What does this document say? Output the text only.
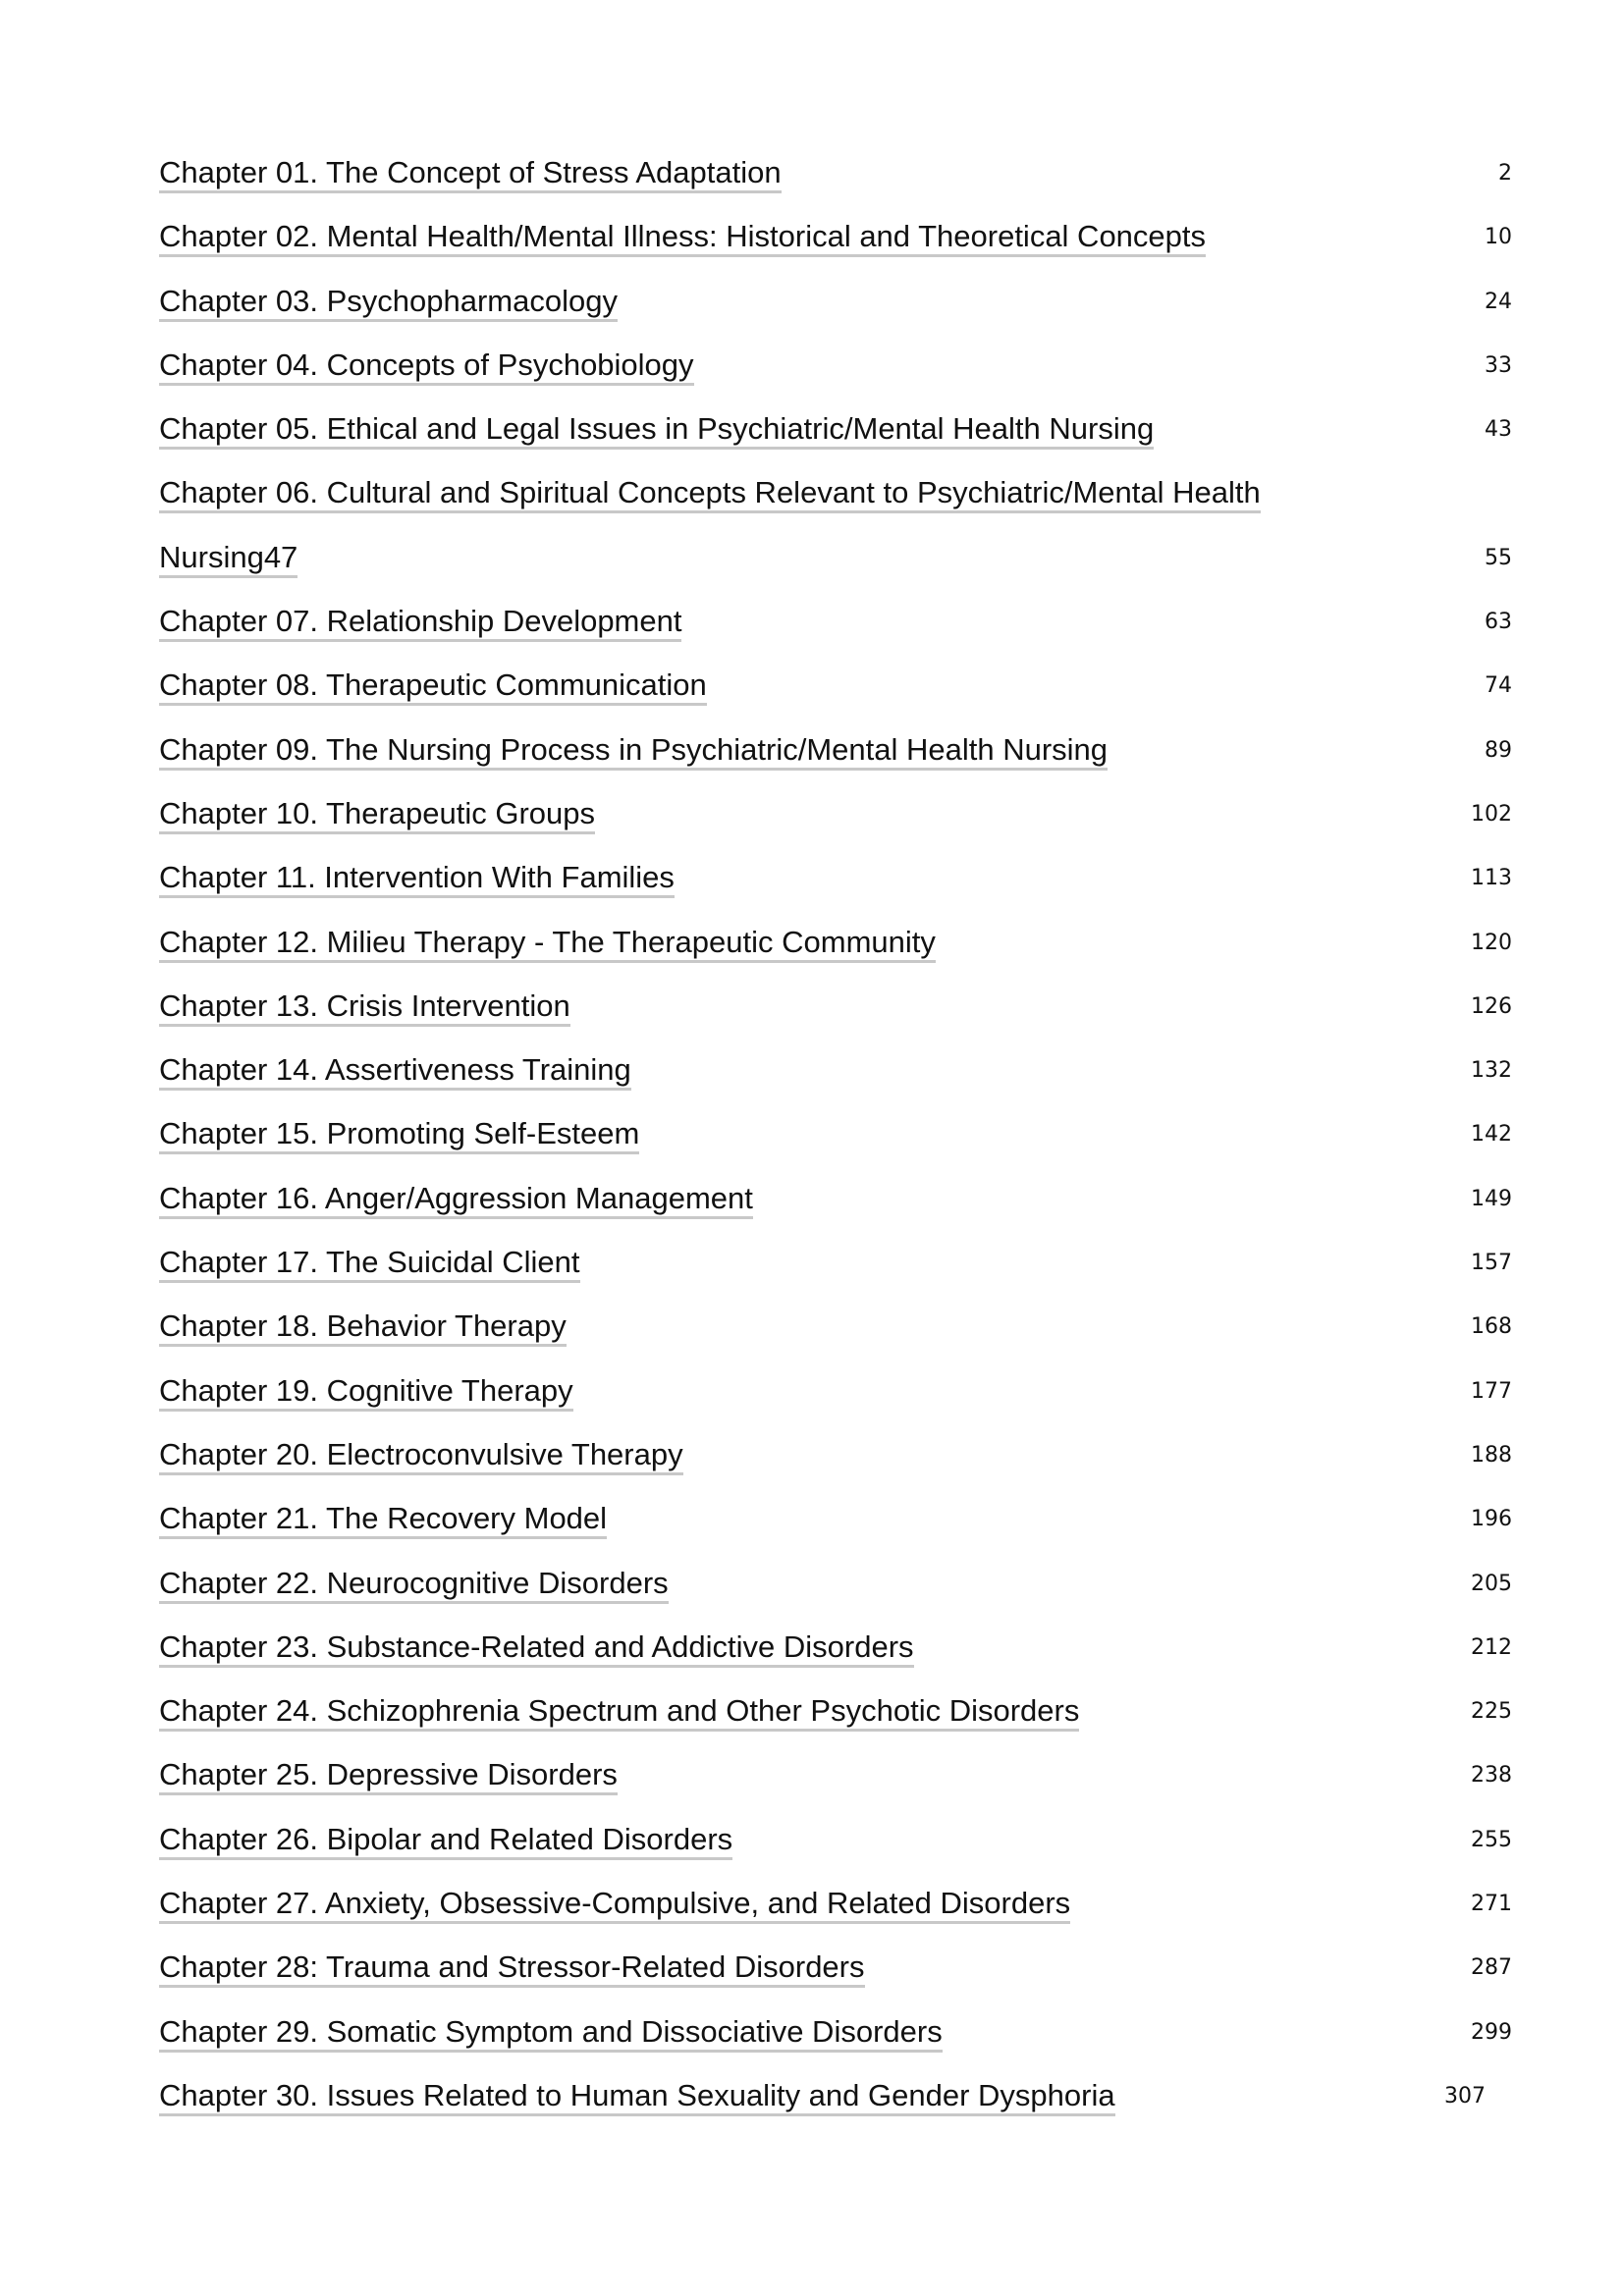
Chapter 01. The Concept of Stress Adaptation	2
Chapter 02. Mental Health/Mental Illness: Historical and Theoretical Concepts	10
Chapter 03. Psychopharmacology	24
Chapter 04. Concepts of Psychobiology	33
Chapter 05. Ethical and Legal Issues in Psychiatric/Mental Health Nursing	43
Chapter 06. Cultural and Spiritual Concepts Relevant to Psychiatric/Mental Health
Nursing47	55
Chapter 07. Relationship Development	63
Chapter 08. Therapeutic Communication	74
Chapter 09. The Nursing Process in Psychiatric/Mental Health Nursing	89
Chapter 10. Therapeutic Groups	102
Chapter 11. Intervention With Families	113
Chapter 12. Milieu Therapy - The Therapeutic Community	120
Chapter 13. Crisis Intervention	126
Chapter 14. Assertiveness Training	132
Chapter 15. Promoting Self-Esteem	142
Chapter 16. Anger/Aggression Management	149
Chapter 17. The Suicidal Client	157
Chapter 18. Behavior Therapy	168
Chapter 19. Cognitive Therapy	177
Chapter 20. Electroconvulsive Therapy	188
Chapter 21. The Recovery Model	196
Chapter 22. Neurocognitive Disorders	205
Chapter 23. Substance-Related and Addictive Disorders	212
Chapter 24. Schizophrenia Spectrum and Other Psychotic Disorders	225
Chapter 25. Depressive Disorders	238
Chapter 26. Bipolar and Related Disorders	255
Chapter 27. Anxiety, Obsessive-Compulsive, and Related Disorders	271
Chapter 28: Trauma and Stressor-Related Disorders	287
Chapter 29. Somatic Symptom and Dissociative Disorders	299
Chapter 30. Issues Related to Human Sexuality and Gender Dysphoria	307
